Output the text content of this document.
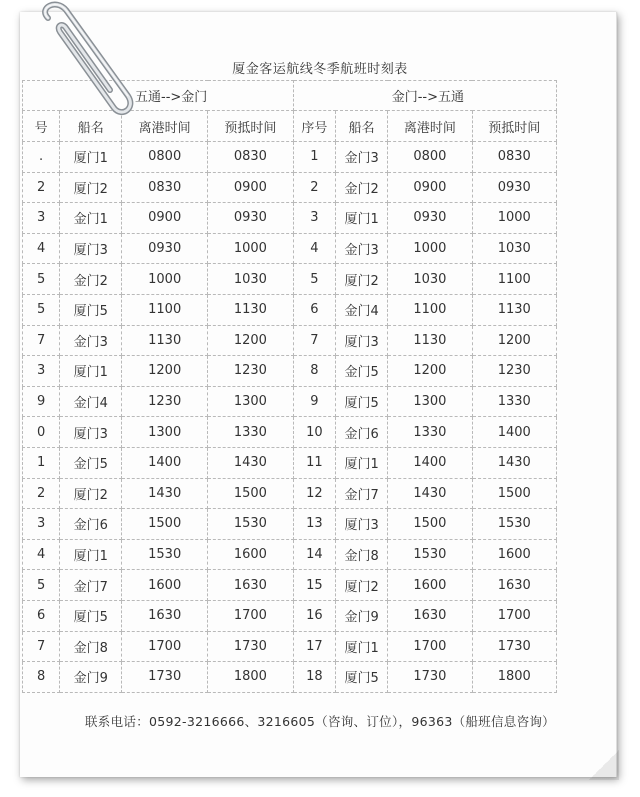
厦金客运航线冬季航班时刻表
五通-->金门				金门-->五通			
号	船名	离港时间	预抵时间	序号	船名	离港时间	预抵时间
.	厦门1	0800	0830	1	金门3	0800	0830
2	厦门2	0830	0900	2	金门2	0900	0930
3	金门1	0900	0930	3	厦门1	0930	1000
4	厦门3	0930	1000	4	金门3	1000	1030
5	金门2	1000	1030	5	厦门2	1030	1100
5	厦门5	1100	1130	6	金门4	1100	1130
7	金门3	1130	1200	7	厦门3	1130	1200
3	厦门1	1200	1230	8	金门5	1200	1230
9	金门4	1230	1300	9	厦门5	1300	1330
0	厦门3	1300	1330	10	金门6	1330	1400
1	金门5	1400	1430	11	厦门1	1400	1430
2	厦门2	1430	1500	12	金门7	1430	1500
3	金门6	1500	1530	13	厦门3	1500	1530
4	厦门1	1530	1600	14	金门8	1530	1600
5	金门7	1600	1630	15	厦门2	1600	1630
6	厦门5	1630	1700	16	金门9	1630	1700
7	金门8	1700	1730	17	厦门1	1700	1730
8	金门9	1730	1800	18	厦门5	1730	1800
联系电话：0592-3216666、3216605（咨询、订位），96363（船班信息咨询）
